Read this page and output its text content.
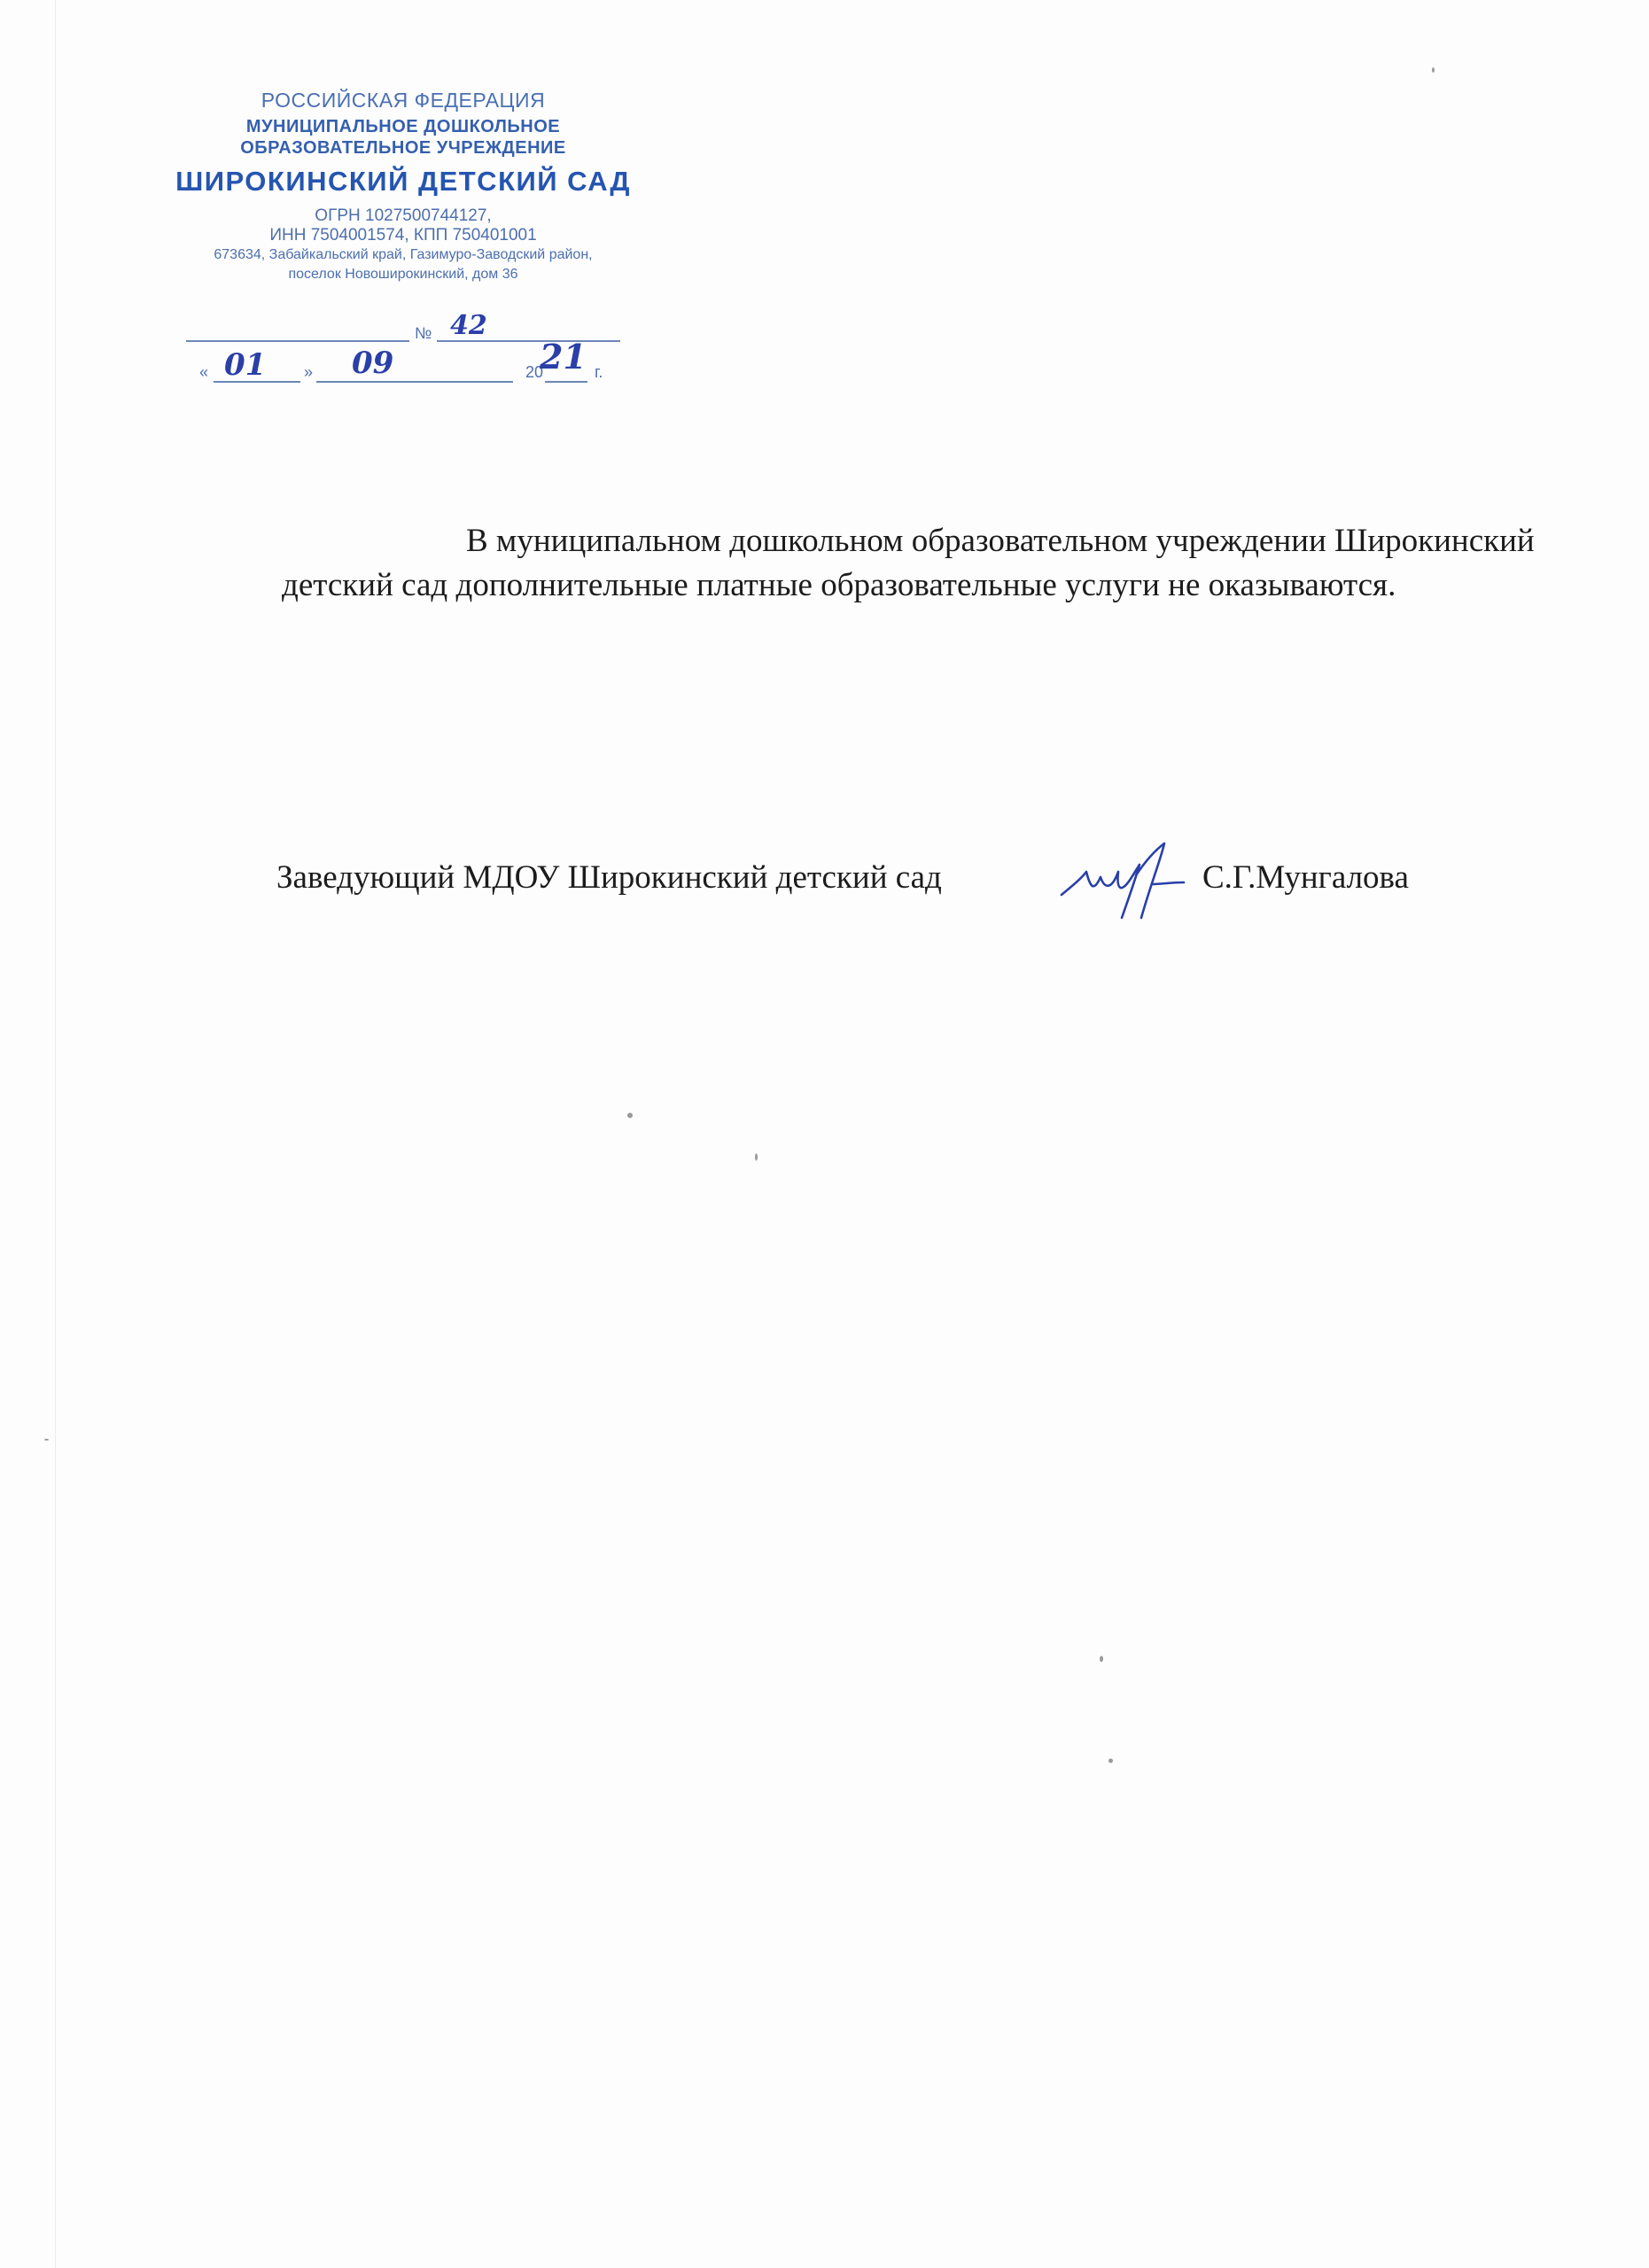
РОССИЙСКАЯ ФЕДЕРАЦИЯ
МУНИЦИПАЛЬНОЕ ДОШКОЛЬНОЕ
ОБРАЗОВАТЕЛЬНОЕ УЧРЕЖДЕНИЕ
ШИРОКИНСКИЙ ДЕТСКИЙ САД
ОГРН 1027500744127,
ИНН 7504001574, КПП 750401001
673634, Забайкальский край, Газимуро-Заводский район,
поселок Новоширокинский, дом 36
№ 42
« 01 » 09	20
21 г.

В муниципальном дошкольном образовательном учреждении Широкинский детский сад дополнительные платные образовательные услуги не оказываются.

Заведующий МДОУ Широкинский детский сад	С.Г.Мунгалова
